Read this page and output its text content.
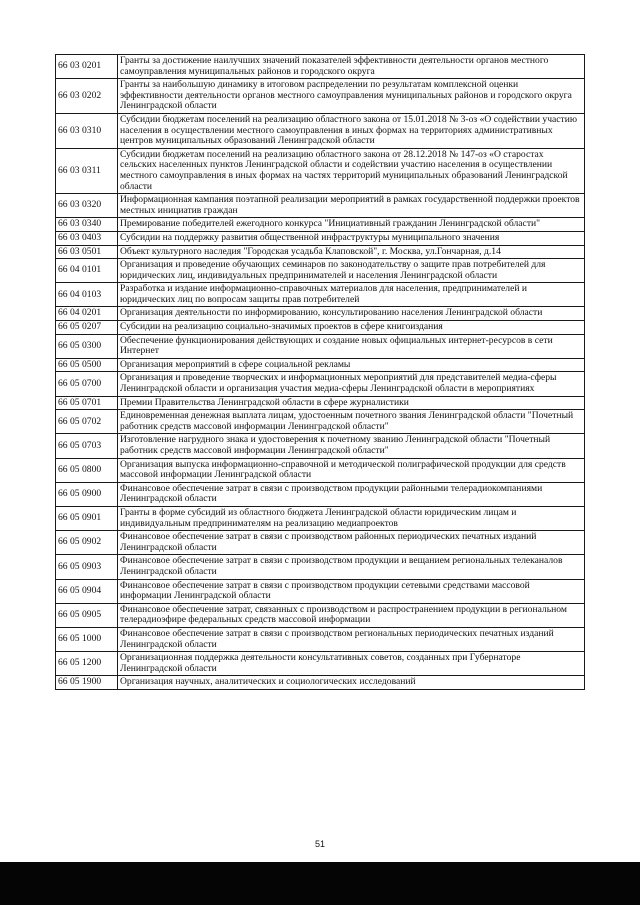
66 03 0201	Гранты за достижение наилучших значений показателей эффективности деятельности органов местного самоуправления муниципальных районов и городского округа
66 03 0202	Гранты за наибольшую динамику в итоговом распределении по результатам комплексной оценки эффективности деятельности органов местного самоуправления муниципальных районов и городского округа Ленинградской области
66 03 0310	Субсидии бюджетам поселений на реализацию областного закона от 15.01.2018 № 3-оз «О содействии участию населения в осуществлении местного самоуправления в иных формах на территориях административных центров муниципальных образований Ленинградской области
66 03 0311	Субсидии бюджетам поселений на реализацию областного закона от 28.12.2018 № 147-оз «О старостах сельских населенных пунктов Ленинградской области и содействии участию населения в осуществлении местного самоуправления в иных формах на частях территорий муниципальных образований Ленинградской области
66 03 0320	Информационная кампания поэтапной реализации мероприятий в рамках государственной поддержки проектов местных инициатив граждан
66 03 0340	Премирование победителей ежегодного конкурса "Инициативный гражданин Ленинградской области"
66 03 0403	Субсидии на поддержку развития общественной инфраструктуры муниципального значения
66 03 0501	Объект культурного наследия "Городская усадьба Клаповской", г. Москва, ул.Гончарная, д.14
66 04 0101	Организация и проведение обучающих семинаров по законодательству о защите прав потребителей для юридических лиц, индивидуальных предпринимателей и населения Ленинградской области
66 04 0103	Разработка и издание информационно-справочных материалов для населения, предпринимателей и юридических лиц по вопросам защиты прав потребителей
66 04 0201	Организация деятельности по информированию, консультированию населения Ленинградской области
66 05 0207	Субсидии на реализацию социально-значимых проектов в сфере книгоиздания
66 05 0300	Обеспечение функционирования действующих и создание новых официальных интернет-ресурсов в сети Интернет
66 05 0500	Организация мероприятий в сфере социальной рекламы
66 05 0700	Организация и проведение творческих и информационных мероприятий для представителей медиа-сферы Ленинградской области и организация участия медиа-сферы Ленинградской области в мероприятиях
66 05 0701	Премии Правительства Ленинградской области в сфере журналистики
66 05 0702	Единовременная денежная выплата лицам, удостоенным почетного звания Ленинградской области "Почетный работник средств массовой информации Ленинградской области"
66 05 0703	Изготовление нагрудного знака и удостоверения к почетному званию Ленинградской области "Почетный работник средств массовой информации Ленинградской области"
66 05 0800	Организация выпуска информационно-справочной и методической полиграфической продукции для средств массовой информации Ленинградской области
66 05 0900	Финансовое обеспечение затрат в связи с производством продукции районными телерадиокомпаниями Ленинградской области
66 05 0901	Гранты в форме субсидий из областного бюджета Ленинградской области юридическим лицам и индивидуальным предпринимателям на реализацию медиапроектов
66 05 0902	Финансовое обеспечение затрат в связи с производством районных периодических печатных изданий Ленинградской области
66 05 0903	Финансовое обеспечение затрат в связи с производством продукции и вещанием региональных телеканалов Ленинградской области
66 05 0904	Финансовое обеспечение затрат в связи с производством продукции сетевыми средствами массовой информации Ленинградской области
66 05 0905	Финансовое обеспечение затрат, связанных с производством и распространением продукции в региональном телерадиоэфире федеральных средств массовой информации
66 05 1000	Финансовое обеспечение затрат в связи с производством региональных периодических печатных изданий Ленинградской области
66 05 1200	Организационная поддержка деятельности консультативных советов, созданных при Губернаторе Ленинградской области
66 05 1900	Организация научных, аналитических и социологических исследований
51
